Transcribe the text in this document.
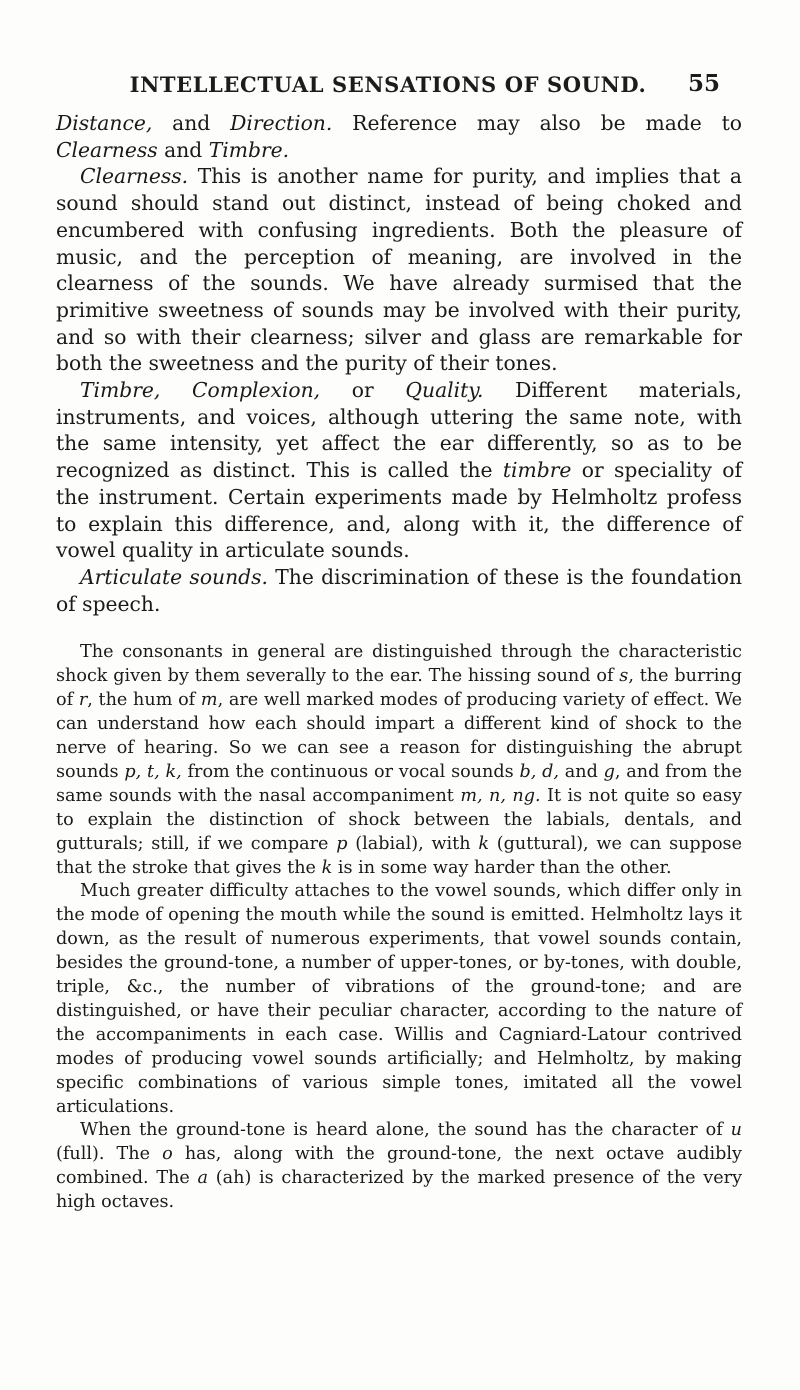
INTELLECTUAL SENSATIONS OF SOUND.	55

Distance, and Direction. Reference may also be made to Clearness and Timbre.

Clearness. This is another name for purity, and implies that a sound should stand out distinct, instead of being choked and encumbered with confusing ingredients. Both the pleasure of music, and the perception of meaning, are involved in the clearness of the sounds. We have already surmised that the primitive sweetness of sounds may be involved with their purity, and so with their clearness; silver and glass are remarkable for both the sweetness and the purity of their tones.

Timbre, Complexion, or Quality. Different materials, instruments, and voices, although uttering the same note, with the same intensity, yet affect the ear differently, so as to be recognized as distinct. This is called the timbre or speciality of the instrument. Certain experiments made by Helmholtz profess to explain this difference, and, along with it, the difference of vowel quality in articulate sounds.

Articulate sounds. The discrimination of these is the foundation of speech.

The consonants in general are distinguished through the characteristic shock given by them severally to the ear. The hissing sound of s, the burring of r, the hum of m, are well marked modes of producing variety of effect. We can understand how each should impart a different kind of shock to the nerve of hearing. So we can see a reason for distinguishing the abrupt sounds p, t, k, from the continuous or vocal sounds b, d, and g, and from the same sounds with the nasal accompaniment m, n, ng. It is not quite so easy to explain the distinction of shock between the labials, dentals, and gutturals; still, if we compare p (labial), with k (guttural), we can suppose that the stroke that gives the k is in some way harder than the other.

Much greater difficulty attaches to the vowel sounds, which differ only in the mode of opening the mouth while the sound is emitted. Helmholtz lays it down, as the result of numerous experiments, that vowel sounds contain, besides the ground-tone, a number of upper-tones, or by-tones, with double, triple, &c., the number of vibrations of the ground-tone; and are distinguished, or have their peculiar character, according to the nature of the accompaniments in each case. Willis and Cagniard-Latour contrived modes of producing vowel sounds artificially; and Helmholtz, by making specific combinations of various simple tones, imitated all the vowel articulations.

When the ground-tone is heard alone, the sound has the character of u (full). The o has, along with the ground-tone, the next octave audibly combined. The a (ah) is characterized by the marked presence of the very high octaves.
